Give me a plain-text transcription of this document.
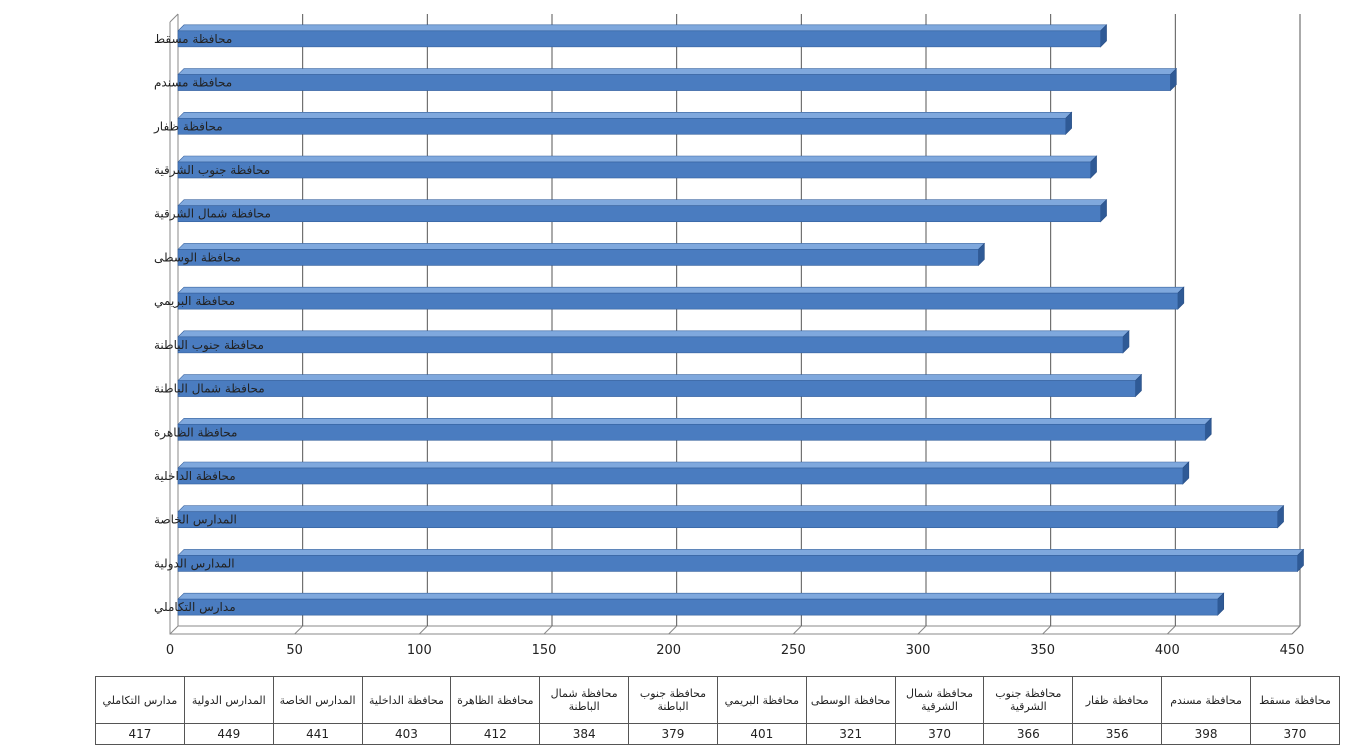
محافظة مسقط
محافظة مسندم
محافظة ظفار
محافظة جنوب الشرقية
محافظة شمال الشرقية
محافظة الوسطى
محافظة البريمي
محافظة جنوب الباطنة
محافظة شمال الباطنة
محافظة الظاهرة
محافظة الداخلية
المدارس الخاصة
المدارس الدولية
مدارس التكاملي
0	50	100	150	200	250	300	350	400	450
مدارس التكاملي	المدارس الدولية	المدارس الخاصة	محافظة الداخلية	محافظة الظاهرة	محافظة شمال الباطنة	محافظة جنوب الباطنة	محافظة البريمي	محافظة الوسطى	محافظة شمال الشرقية	محافظة جنوب الشرقية	محافظة ظفار	محافظة مسندم	محافظة مسقط
417	449	441	403	412	384	379	401	321	370	366	356	398	370
